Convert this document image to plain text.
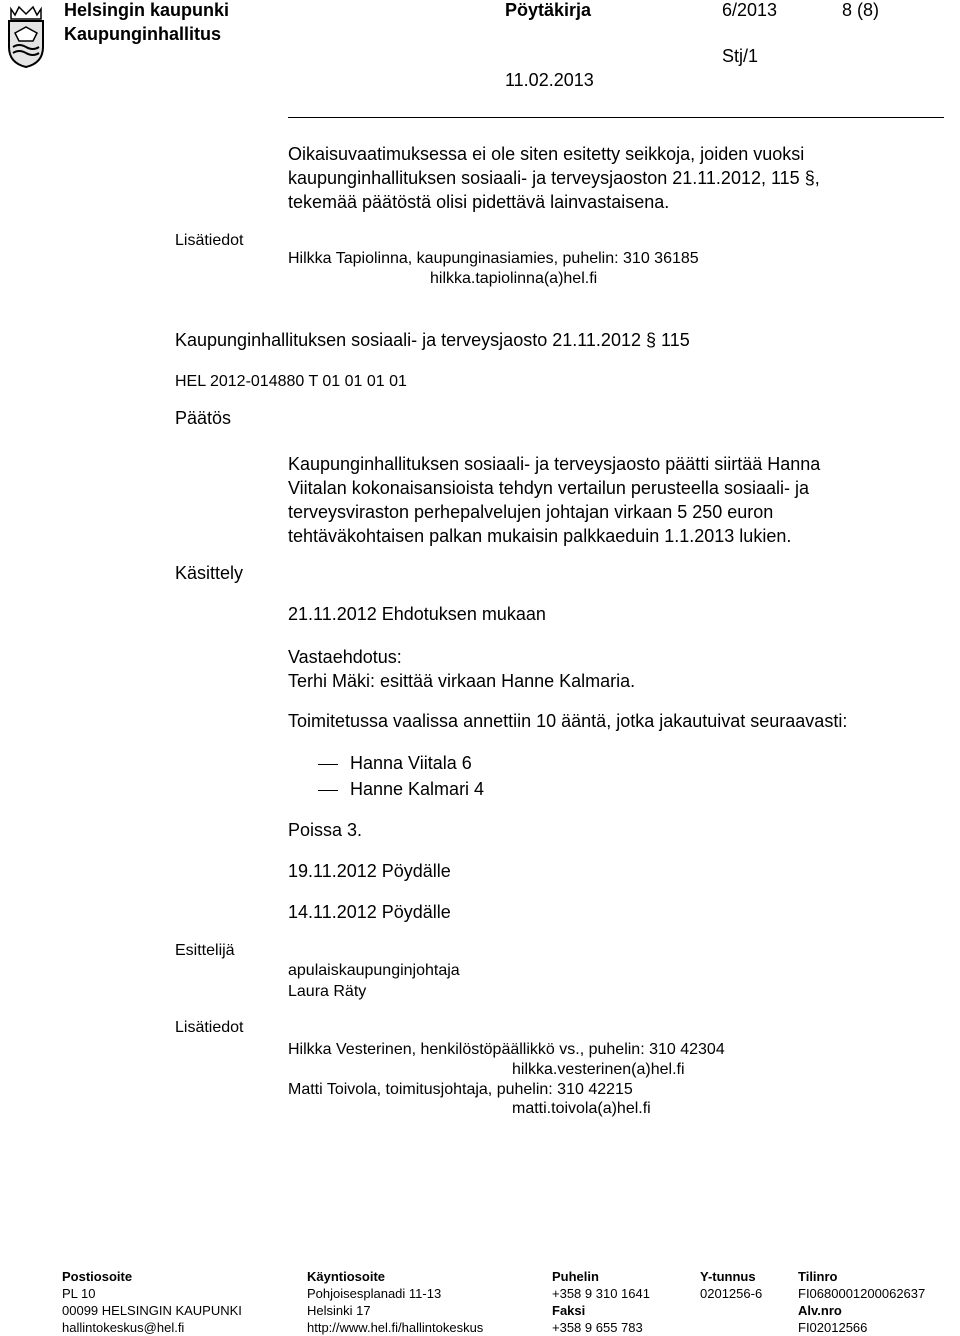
Helsingin kaupunki
Kaupunginhallitus
Pöytäkirja	6/2013	8 (8)
Stj/1
11.02.2013
Oikaisuvaatimuksessa ei ole siten esitetty seikkoja, joiden vuoksi
kaupunginhallituksen sosiaali- ja terveysjaoston 21.11.2012, 115 §,
tekemää päätöstä olisi pidettävä lainvastaisena.
Lisätiedot
Hilkka Tapiolinna, kaupunginasiamies, puhelin: 310 36185
hilkka.tapiolinna(a)hel.fi
Kaupunginhallituksen sosiaali- ja terveysjaosto 21.11.2012 § 115
HEL 2012-014880 T 01 01 01 01
Päätös
Kaupunginhallituksen sosiaali- ja terveysjaosto päätti siirtää Hanna
Viitalan kokonaisansioista tehdyn vertailun perusteella sosiaali- ja
terveysviraston perhepalvelujen johtajan virkaan 5 250 euron
tehtäväkohtaisen palkan mukaisin palkkaeduin 1.1.2013 lukien.
Käsittely
21.11.2012 Ehdotuksen mukaan
Vastaehdotus:
Terhi Mäki: esittää virkaan Hanne Kalmaria.
Toimitetussa vaalissa annettiin 10 ääntä, jotka jakautuivat seuraavasti:
Hanna Viitala 6
Hanne Kalmari 4
Poissa 3.
19.11.2012 Pöydälle
14.11.2012 Pöydälle
Esittelijä
apulaiskaupunginjohtaja
Laura Räty
Lisätiedot
Hilkka Vesterinen, henkilöstöpäällikkö vs., puhelin: 310 42304
hilkka.vesterinen(a)hel.fi
Matti Toivola, toimitusjohtaja, puhelin: 310 42215
matti.toivola(a)hel.fi
Postiosoite
PL 10
00099 HELSINGIN KAUPUNKI
hallintokeskus@hel.fi
Käyntiosoite
Pohjoisesplanadi 11-13
Helsinki 17
http://www.hel.fi/hallintokeskus
Puhelin
+358 9 310 1641
Faksi
+358 9 655 783
Y-tunnus
0201256-6
Tilinro
FI0680001200062637
Alv.nro
FI02012566
